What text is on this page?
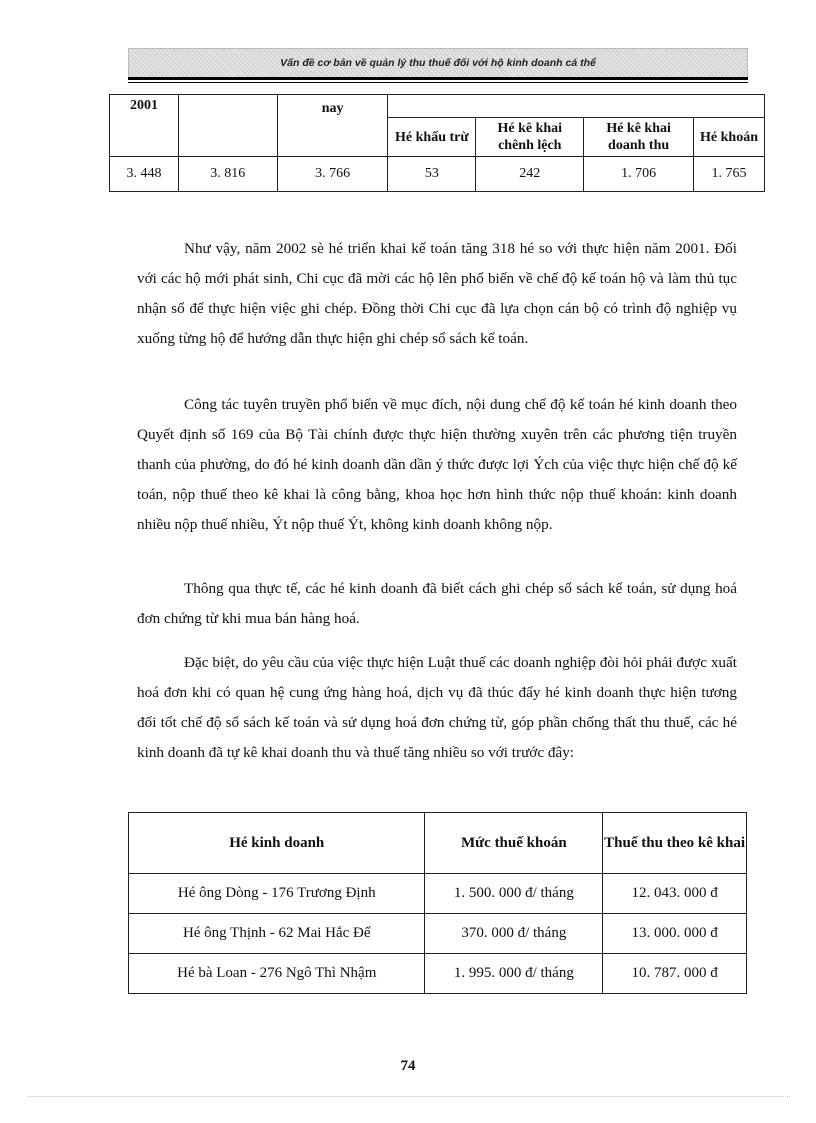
Vấn đề cơ bản về quản lý thu thuế đối với hộ kinh doanh cá thể
2001		nay				
			Hé khấu trừ	Hé kê khai chênh lệch	Hé kê khai doanh thu	Hé khoán
3. 448	3. 816	3. 766	53	242	1. 706	1. 765

Như vậy, năm 2002 sè hé triển khai kế toán tăng 318 hé so với thực hiện năm 2001. Đối với các hộ mới phát sinh, Chi cục đã mời các hộ lên phổ biến về chế độ kế toán hộ và làm thủ tục nhận sổ để thực hiện việc ghi chép. Đồng thời Chi cục đã lựa chọn cán bộ có trình độ nghiệp vụ xuống từng hộ để hướng dẫn thực hiện ghi chép sổ sách kế toán.

Công tác tuyên truyền phổ biến về mục đích, nội dung chế độ kế toán hé kinh doanh theo Quyết định số 169 của Bộ Tài chính được thực hiện thường xuyên trên các phương tiện truyền thanh của phường, do đó hé kinh doanh dần dần ý thức được lợi Ých của việc thực hiện chế độ kế toán, nộp thuế theo kê khai là công bằng, khoa học hơn hình thức nộp thuế khoán: kinh doanh nhiều nộp thuế nhiều, Ýt nộp thuế Ýt, không kinh doanh không nộp.

Thông qua thực tế, các hé kinh doanh đã biết cách ghi chép sổ sách kế toán, sử dụng hoá đơn chứng từ khi mua bán hàng hoá.

Đặc biệt, do yêu cầu của việc thực hiện Luật thuế các doanh nghiệp đòi hỏi phải được xuất hoá đơn khi có quan hệ cung ứng hàng hoá, dịch vụ đã thúc đẩy hé kinh doanh thực hiện tương đối tốt chế độ sổ sách kế toán và sử dụng hoá đơn chứng từ, góp phần chống thất thu thuế, các hé kinh doanh đã tự kê khai doanh thu và thuế tăng nhiều so với trước đây:

Hé kinh doanh	Mức thuế khoán	Thuế thu theo kê khai
Hé ông Dòng - 176 Trương Định	1. 500. 000 đ/ tháng	12. 043. 000 đ
Hé ông Thịnh - 62 Mai Hắc Đế	370. 000 đ/ tháng	13. 000. 000 đ
Hé bà Loan - 276 Ngô Thì Nhậm	1. 995. 000 đ/ tháng	10. 787. 000 đ
74
